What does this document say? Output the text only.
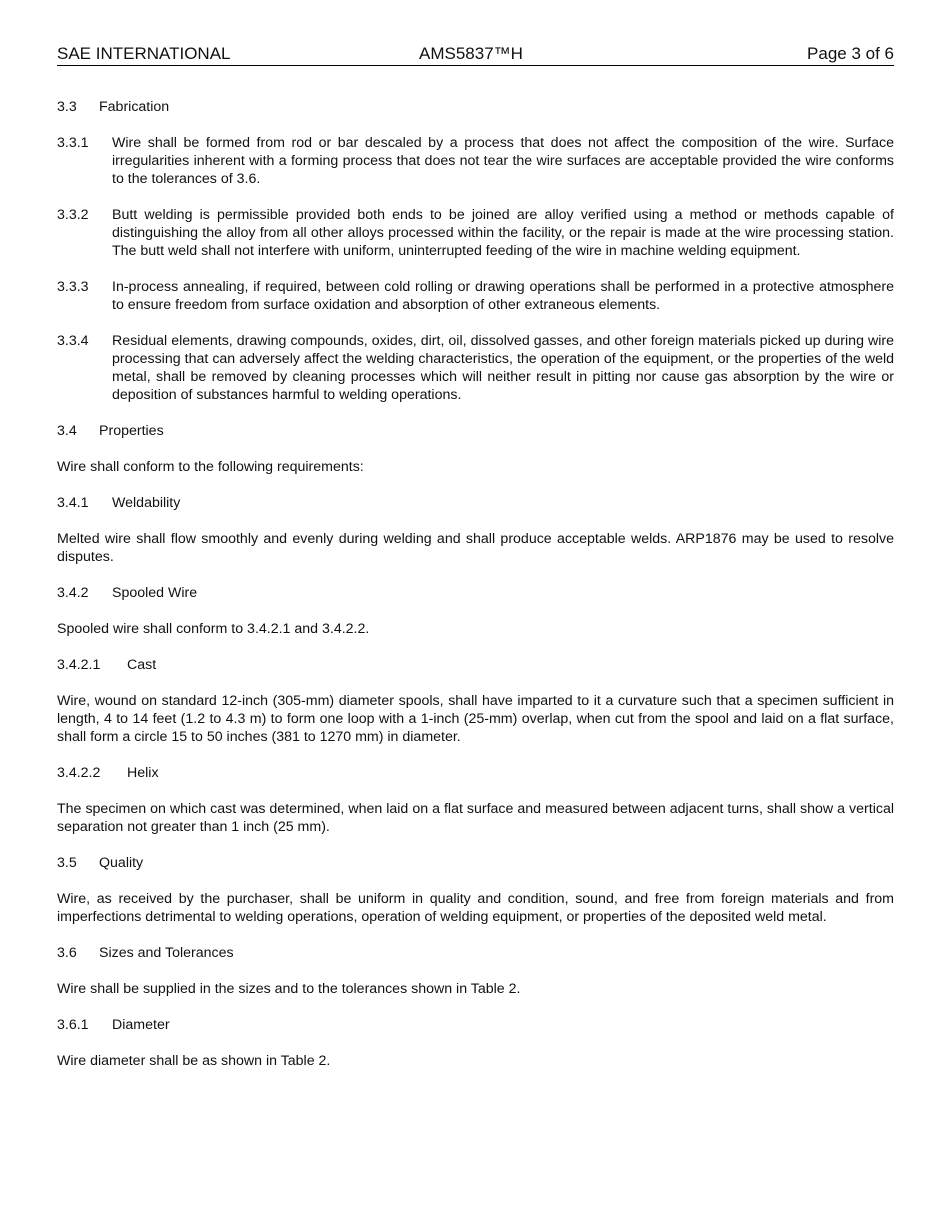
SAE INTERNATIONAL	AMS5837™H	Page 3 of 6
3.3	Fabrication
3.3.1	Wire shall be formed from rod or bar descaled by a process that does not affect the composition of the wire. Surface irregularities inherent with a forming process that does not tear the wire surfaces are acceptable provided the wire conforms to the tolerances of 3.6.
3.3.2	Butt welding is permissible provided both ends to be joined are alloy verified using a method or methods capable of distinguishing the alloy from all other alloys processed within the facility, or the repair is made at the wire processing station. The butt weld shall not interfere with uniform, uninterrupted feeding of the wire in machine welding equipment.
3.3.3	In-process annealing, if required, between cold rolling or drawing operations shall be performed in a protective atmosphere to ensure freedom from surface oxidation and absorption of other extraneous elements.
3.3.4	Residual elements, drawing compounds, oxides, dirt, oil, dissolved gasses, and other foreign materials picked up during wire processing that can adversely affect the welding characteristics, the operation of the equipment, or the properties of the weld metal, shall be removed by cleaning processes which will neither result in pitting nor cause gas absorption by the wire or deposition of substances harmful to welding operations.
3.4	Properties

Wire shall conform to the following requirements:

3.4.1	Weldability

Melted wire shall flow smoothly and evenly during welding and shall produce acceptable welds. ARP1876 may be used to resolve disputes.

3.4.2	Spooled Wire

Spooled wire shall conform to 3.4.2.1 and 3.4.2.2.

3.4.2.1	Cast

Wire, wound on standard 12-inch (305-mm) diameter spools, shall have imparted to it a curvature such that a specimen sufficient in length, 4 to 14 feet (1.2 to 4.3 m) to form one loop with a 1-inch (25-mm) overlap, when cut from the spool and laid on a flat surface, shall form a circle 15 to 50 inches (381 to 1270 mm) in diameter.

3.4.2.2	Helix

The specimen on which cast was determined, when laid on a flat surface and measured between adjacent turns, shall show a vertical separation not greater than 1 inch (25 mm).

3.5	Quality

Wire, as received by the purchaser, shall be uniform in quality and condition, sound, and free from foreign materials and from imperfections detrimental to welding operations, operation of welding equipment, or properties of the deposited weld metal.

3.6	Sizes and Tolerances

Wire shall be supplied in the sizes and to the tolerances shown in Table 2.

3.6.1	Diameter

Wire diameter shall be as shown in Table 2.
